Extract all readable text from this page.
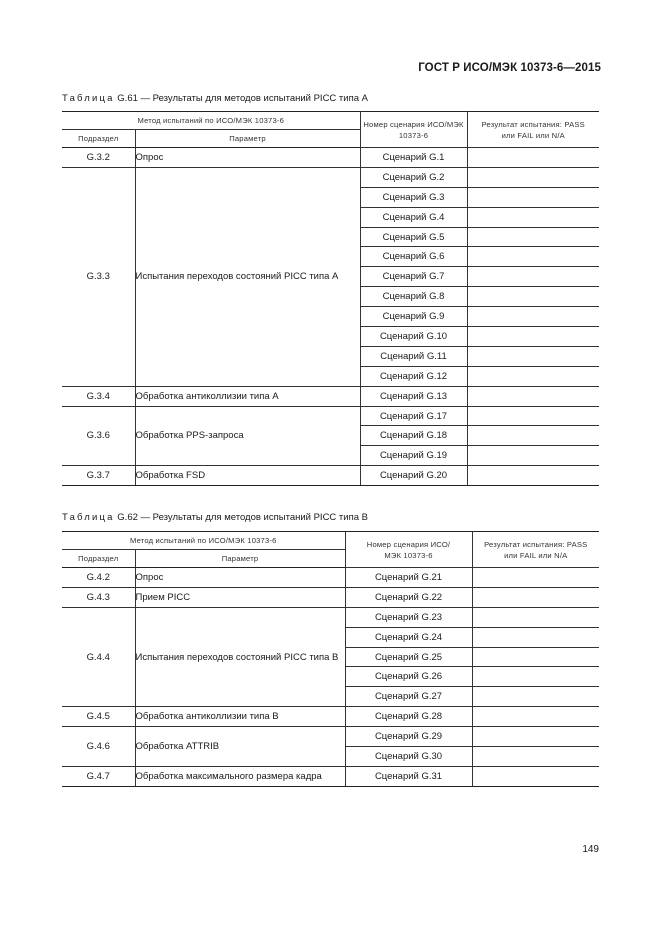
ГОСТ Р ИСО/МЭК 10373-6—2015
Таблица G.61 — Результаты для методов испытаний PICC типа A
Метод испытаний по ИСО/МЭК 10373-6		Номер сценария ИСО/МЭК 10373-6	Результат испытания: PASS или FAIL или N/A
Подраздел	Параметр		
G.3.2	Опрос	Сценарий G.1	
G.3.3	Испытания переходов состояний PICC типа A	Сценарий G.2	
		Сценарий G.3	
		Сценарий G.4	
		Сценарий G.5	
		Сценарий G.6	
		Сценарий G.7	
		Сценарий G.8	
		Сценарий G.9	
		Сценарий G.10	
		Сценарий G.11	
		Сценарий G.12	
G.3.4	Обработка антиколлизии типа A	Сценарий G.13	
G.3.6	Обработка PPS-запроса	Сценарий G.17	
		Сценарий G.18	
		Сценарий G.19	
G.3.7	Обработка FSD	Сценарий G.20	
Таблица G.62 — Результаты для методов испытаний PICC типа B
Метод испытаний по ИСО/МЭК 10373-6		Номер сценария ИСО/МЭК 10373-6	Результат испытания: PASS или FAIL или N/A
Подраздел	Параметр		
G.4.2	Опрос	Сценарий G.21	
G.4.3	Прием PICC	Сценарий G.22	
G.4.4	Испытания переходов состояний PICC типа B	Сценарий G.23	
		Сценарий G.24	
		Сценарий G.25	
		Сценарий G.26	
		Сценарий G.27	
G.4.5	Обработка антиколлизии типа B	Сценарий G.28	
G.4.6	Обработка ATTRIB	Сценарий G.29	
		Сценарий G.30	
G.4.7	Обработка максимального размера кадра	Сценарий G.31	
149
